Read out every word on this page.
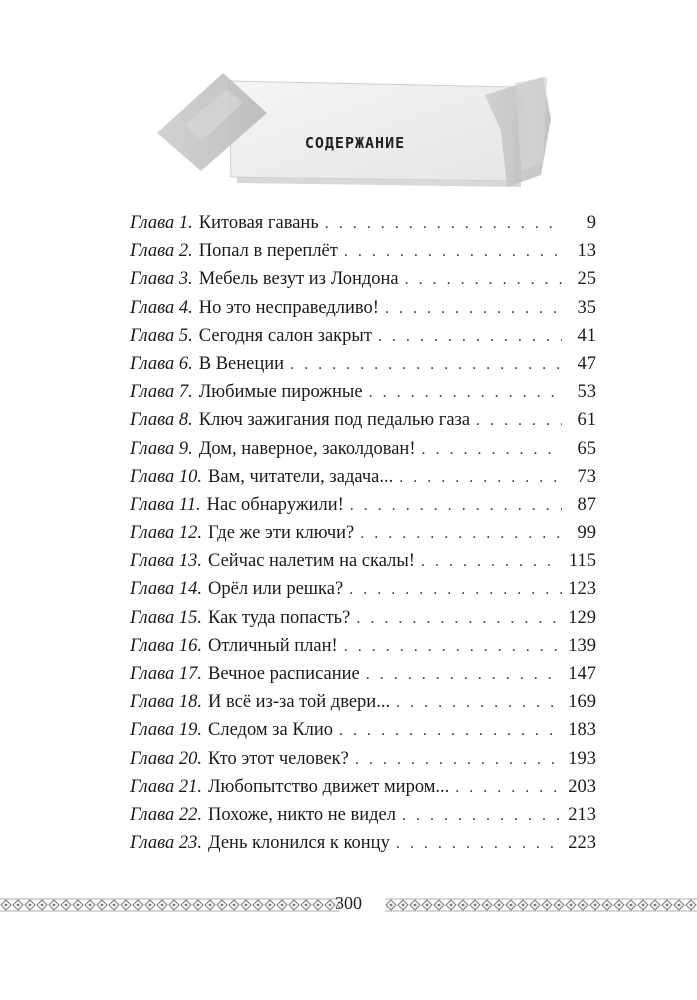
СОДЕРЖАНИЕ
Глава 1. Китовая гавань . . .	9
Глава 2. Попал в переплёт . . .	13
Глава 3. Мебель везут из Лондона . . .	25
Глава 4. Но это несправедливо! . . .	35
Глава 5. Сегодня салон закрыт . . .	41
Глава 6. В Венеции . . .	47
Глава 7. Любимые пирожные . . .	53
Глава 8. Ключ зажигания под педалью газа . . .	61
Глава 9. Дом, наверное, заколдован! . . .	65
Глава 10. Вам, читатели, задача... . . .	73
Глава 11. Нас обнаружили! . . .	87
Глава 12. Где же эти ключи? . . .	99
Глава 13. Сейчас налетим на скалы! . . .	115
Глава 14. Орёл или решка? . . .	123
Глава 15. Как туда попасть? . . .	129
Глава 16. Отличный план! . . .	139
Глава 17. Вечное расписание . . .	147
Глава 18. И всё из-за той двери... . . .	169
Глава 19. Следом за Клио . . .	183
Глава 20. Кто этот человек? . . .	193
Глава 21. Любопытство движет миром... . . .	203
Глава 22. Похоже, никто не видел . . .	213
Глава 23. День клонился к концу . . .	223
300
